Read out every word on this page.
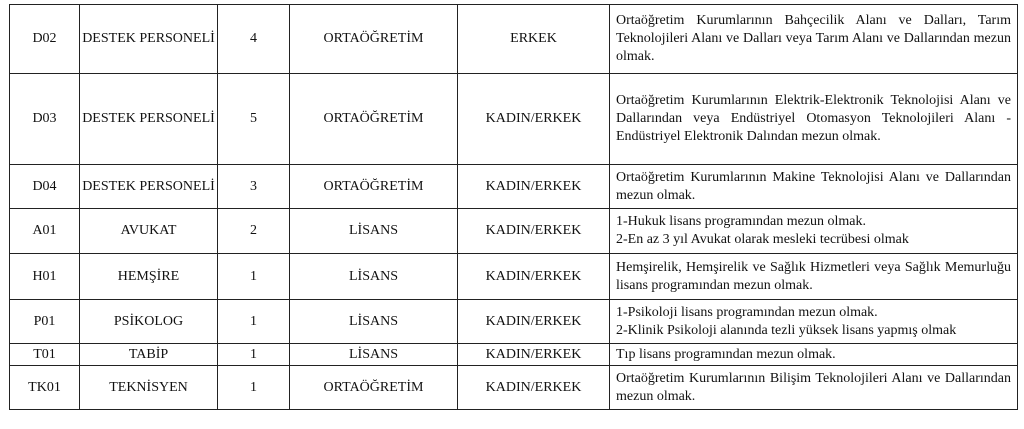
D02	DESTEK PERSONELİ	4	ORTAÖĞRETİM	ERKEK	Ortaöğretim Kurumlarının Bahçecilik Alanı ve Dalları, Tarım Teknolojileri Alanı ve Dalları veya Tarım Alanı ve Dallarından mezun olmak.
D03	DESTEK PERSONELİ	5	ORTAÖĞRETİM	KADIN/ERKEK	Ortaöğretim Kurumlarının Elektrik-Elektronik Teknolojisi Alanı ve Dallarından veya Endüstriyel Otomasyon Teknolojileri Alanı - Endüstriyel Elektronik Dalından mezun olmak.
D04	DESTEK PERSONELİ	3	ORTAÖĞRETİM	KADIN/ERKEK	Ortaöğretim Kurumlarının Makine Teknolojisi Alanı ve Dallarından mezun olmak.
A01	AVUKAT	2	LİSANS	KADIN/ERKEK	1-Hukuk lisans programından mezun olmak.
2-En az 3 yıl Avukat olarak mesleki tecrübesi olmak

H01	HEMŞİRE	1	LİSANS	KADIN/ERKEK	Hemşirelik, Hemşirelik ve Sağlık Hizmetleri veya Sağlık Memurluğu lisans programından mezun olmak.
P01	PSİKOLOG	1	LİSANS	KADIN/ERKEK	1-Psikoloji lisans programından mezun olmak.
2-Klinik Psikoloji alanında tezli yüksek lisans yapmış olmak

T01	TABİP	1	LİSANS	KADIN/ERKEK	Tıp lisans programından mezun olmak.
TK01	TEKNİSYEN	1	ORTAÖĞRETİM	KADIN/ERKEK	Ortaöğretim Kurumlarının Bilişim Teknolojileri Alanı ve Dallarından mezun olmak.
